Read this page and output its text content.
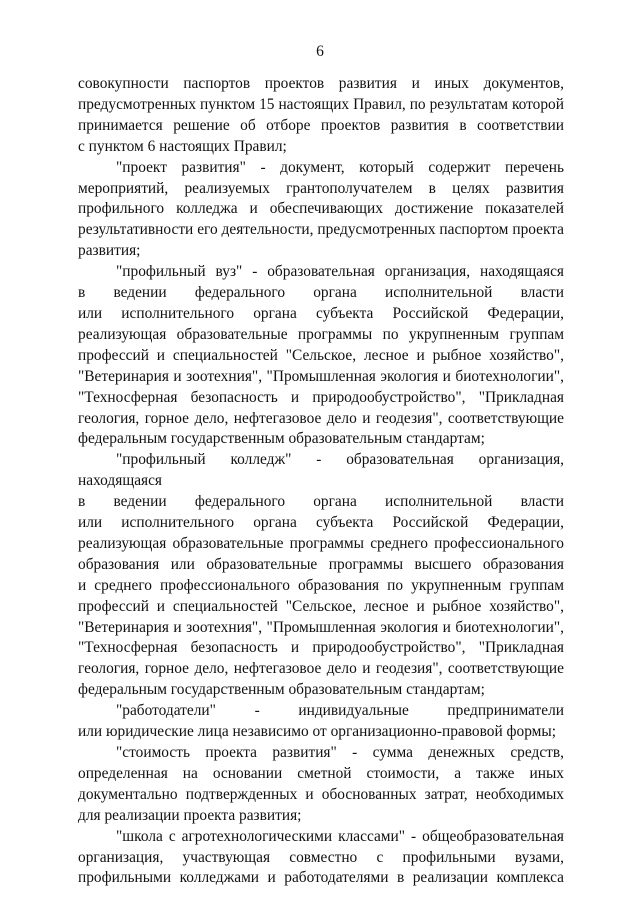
6
совокупности паспортов проектов развития и иных документов,
предусмотренных пунктом 15 настоящих Правил, по результатам которой
принимается решение об отборе проектов развития в соответствии
с пунктом 6 настоящих Правил;
"проект развития" - документ, который содержит перечень
мероприятий, реализуемых грантополучателем в целях развития
профильного колледжа и обеспечивающих достижение показателей
результативности его деятельности, предусмотренных паспортом проекта
развития;
"профильный вуз" - образовательная организация, находящаяся
в ведении федерального органа исполнительной власти
или исполнительного органа субъекта Российской Федерации,
реализующая образовательные программы по укрупненным группам
профессий и специальностей "Сельское, лесное и рыбное хозяйство",
"Ветеринария и зоотехния", "Промышленная экология и биотехнологии",
"Техносферная безопасность и природообустройство", "Прикладная
геология, горное дело, нефтегазовое дело и геодезия", соответствующие
федеральным государственным образовательным стандартам;
"профильный колледж" - образовательная организация, находящаяся
в ведении федерального органа исполнительной власти
или исполнительного органа субъекта Российской Федерации,
реализующая образовательные программы среднего профессионального
образования или образовательные программы высшего образования
и среднего профессионального образования по укрупненным группам
профессий и специальностей "Сельское, лесное и рыбное хозяйство",
"Ветеринария и зоотехния", "Промышленная экология и биотехнологии",
"Техносферная безопасность и природообустройство", "Прикладная
геология, горное дело, нефтегазовое дело и геодезия", соответствующие
федеральным государственным образовательным стандартам;
"работодатели" - индивидуальные предприниматели
или юридические лица независимо от организационно-правовой формы;
"стоимость проекта развития" - сумма денежных средств,
определенная на основании сметной стоимости, а также иных
документально подтвержденных и обоснованных затрат, необходимых
для реализации проекта развития;
"школа с агротехнологическими классами" - общеобразовательная
организация, участвующая совместно с профильными вузами,
профильными колледжами и работодателями в реализации комплекса
